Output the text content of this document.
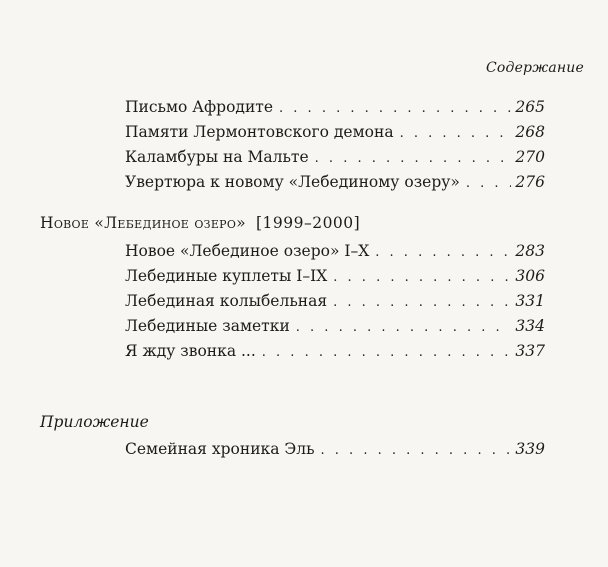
Содержание
Письмо Афродите . . .	265
Памяти Лермонтовского демона . . .	268
Каламбуры на Мальте . . .	270
Увертюра к новому «Лебединому озеру» . . .	276
Новое «Лебединое озеро» [1999–2000]
Новое «Лебединое озеро» I–X . . .	283
Лебединые куплеты I–IX . . .	306
Лебединая колыбельная . . .	331
Лебединые заметки . . .	334
Я жду звонка ... . . .	337
Приложение
Семейная хроника Эль . . .	339
